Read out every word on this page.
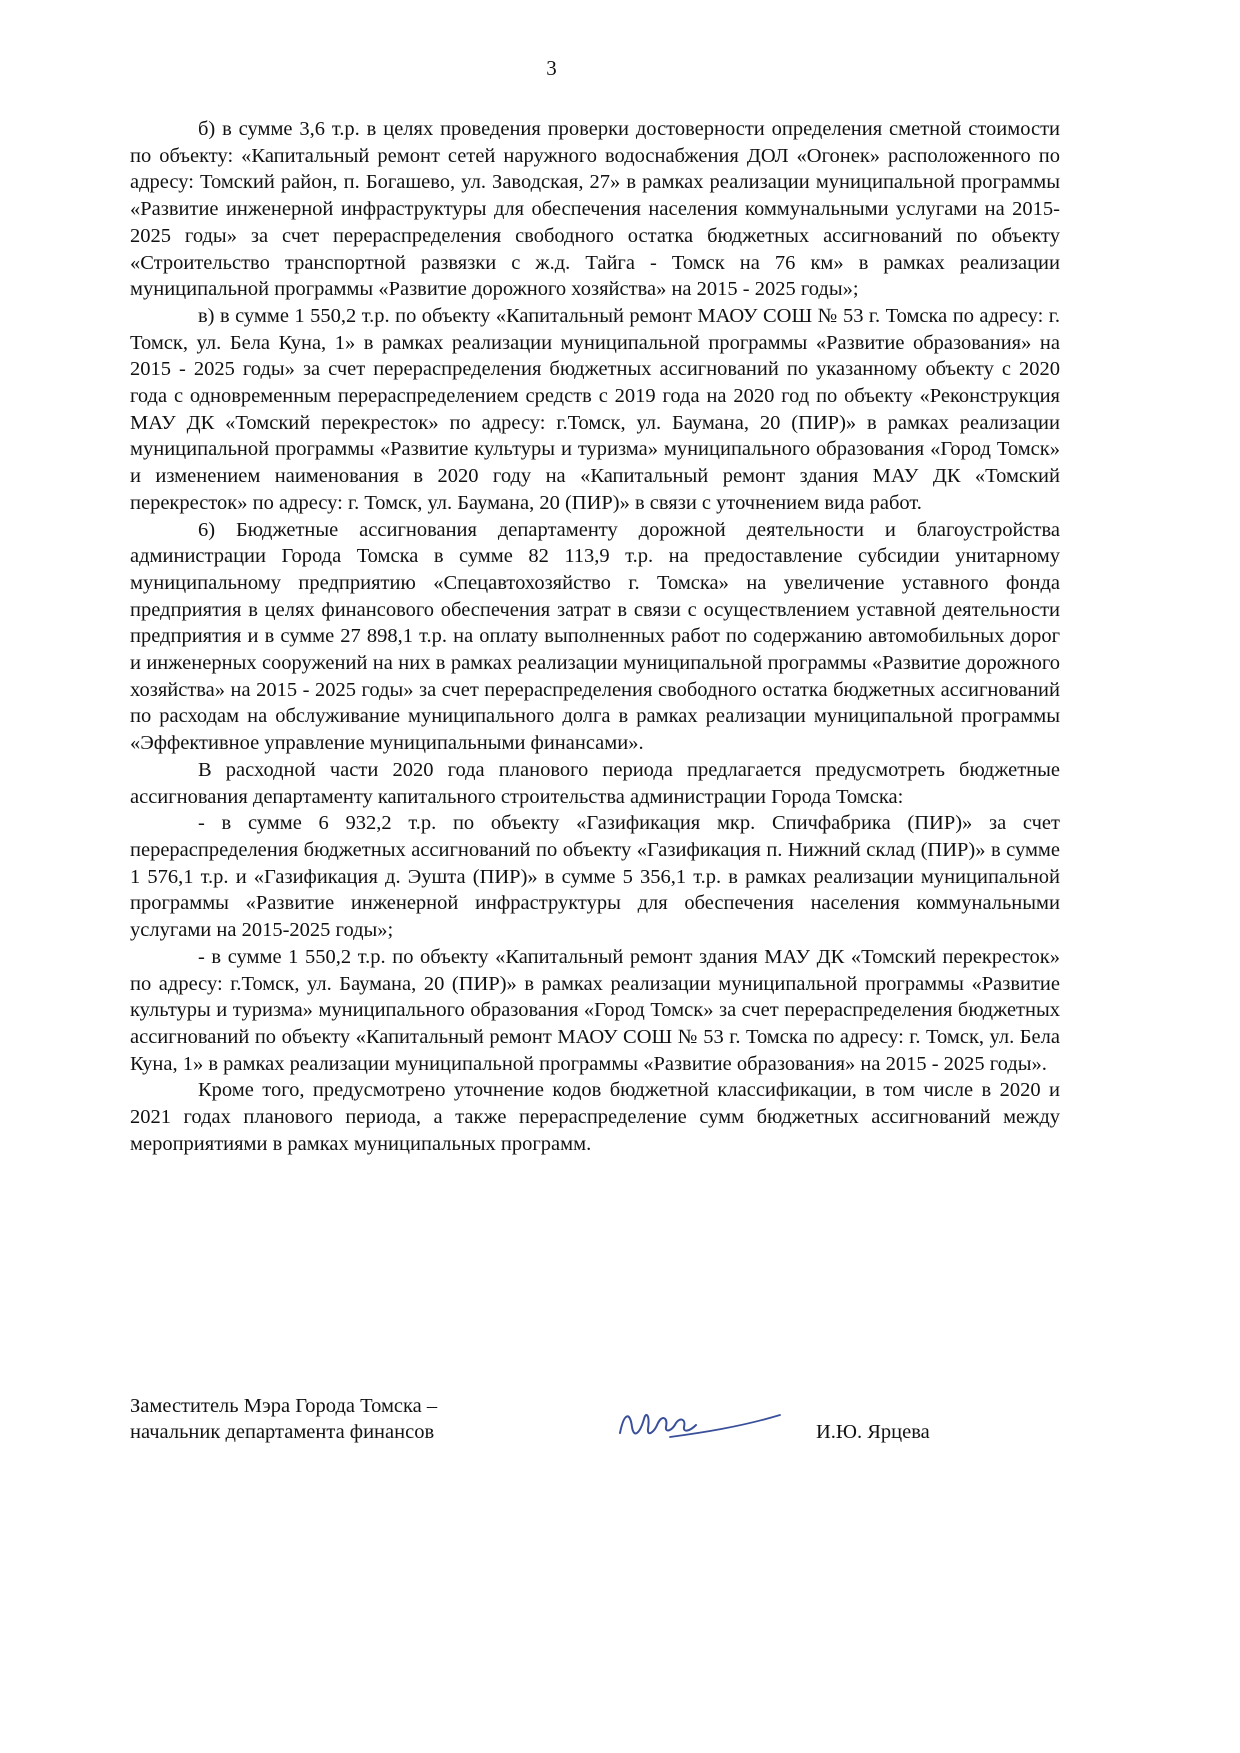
3

б) в сумме 3,6 т.р. в целях проведения проверки достоверности определения сметной стоимости по объекту: «Капитальный ремонт сетей наружного водоснабжения ДОЛ «Огонек» расположенного по адресу: Томский район, п. Богашево, ул. Заводская, 27» в рамках реализации муниципальной программы «Развитие инженерной инфраструктуры для обеспечения населения коммунальными услугами на 2015-2025 годы» за счет перераспределения свободного остатка бюджетных ассигнований по объекту «Строительство транспортной развязки с ж.д. Тайга - Томск на 76 км» в рамках реализации муниципальной программы «Развитие дорожного хозяйства» на 2015 - 2025 годы»;

в) в сумме 1 550,2 т.р. по объекту «Капитальный ремонт МАОУ СОШ № 53 г. Томска по адресу: г. Томск, ул. Бела Куна, 1» в рамках реализации муниципальной программы «Развитие образования» на 2015 - 2025 годы» за счет перераспределения бюджетных ассигнований по указанному объекту с 2020 года с одновременным перераспределением средств с 2019 года на 2020 год по объекту «Реконструкция МАУ ДК «Томский перекресток» по адресу: г.Томск, ул. Баумана, 20 (ПИР)» в рамках реализации муниципальной программы «Развитие культуры и туризма» муниципального образования «Город Томск» и изменением наименования в 2020 году на «Капитальный ремонт здания МАУ ДК «Томский перекресток» по адресу: г. Томск, ул. Баумана, 20 (ПИР)» в связи с уточнением вида работ.

6) Бюджетные ассигнования департаменту дорожной деятельности и благоустройства администрации Города Томска в сумме 82 113,9 т.р. на предоставление субсидии унитарному муниципальному предприятию «Спецавтохозяйство г. Томска» на увеличение уставного фонда предприятия в целях финансового обеспечения затрат в связи с осуществлением уставной деятельности предприятия и в сумме 27 898,1 т.р. на оплату выполненных работ по содержанию автомобильных дорог и инженерных сооружений на них в рамках реализации муниципальной программы «Развитие дорожного хозяйства» на 2015 - 2025 годы» за счет перераспределения свободного остатка бюджетных ассигнований по расходам на обслуживание муниципального долга в рамках реализации муниципальной программы «Эффективное управление муниципальными финансами».

В расходной части 2020 года планового периода предлагается предусмотреть бюджетные ассигнования департаменту капитального строительства администрации Города Томска:

- в сумме 6 932,2 т.р. по объекту «Газификация мкр. Спичфабрика (ПИР)» за счет перераспределения бюджетных ассигнований по объекту «Газификация п. Нижний склад (ПИР)» в сумме 1 576,1 т.р. и «Газификация д. Эушта (ПИР)» в сумме 5 356,1 т.р. в рамках реализации муниципальной программы «Развитие инженерной инфраструктуры для обеспечения населения коммунальными услугами на 2015-2025 годы»;

- в сумме 1 550,2 т.р. по объекту «Капитальный ремонт здания МАУ ДК «Томский перекресток» по адресу: г.Томск, ул. Баумана, 20 (ПИР)» в рамках реализации муниципальной программы «Развитие культуры и туризма» муниципального образования «Город Томск» за счет перераспределения бюджетных ассигнований по объекту «Капитальный ремонт МАОУ СОШ № 53 г. Томска по адресу: г. Томск, ул. Бела Куна, 1» в рамках реализации муниципальной программы «Развитие образования» на 2015 - 2025 годы».

Кроме того, предусмотрено уточнение кодов бюджетной классификации, в том числе в 2020 и 2021 годах планового периода, а также перераспределение сумм бюджетных ассигнований между мероприятиями в рамках муниципальных программ.

Заместитель Мэра Города Томска –
начальник департамента финансов	И.Ю. Ярцева
